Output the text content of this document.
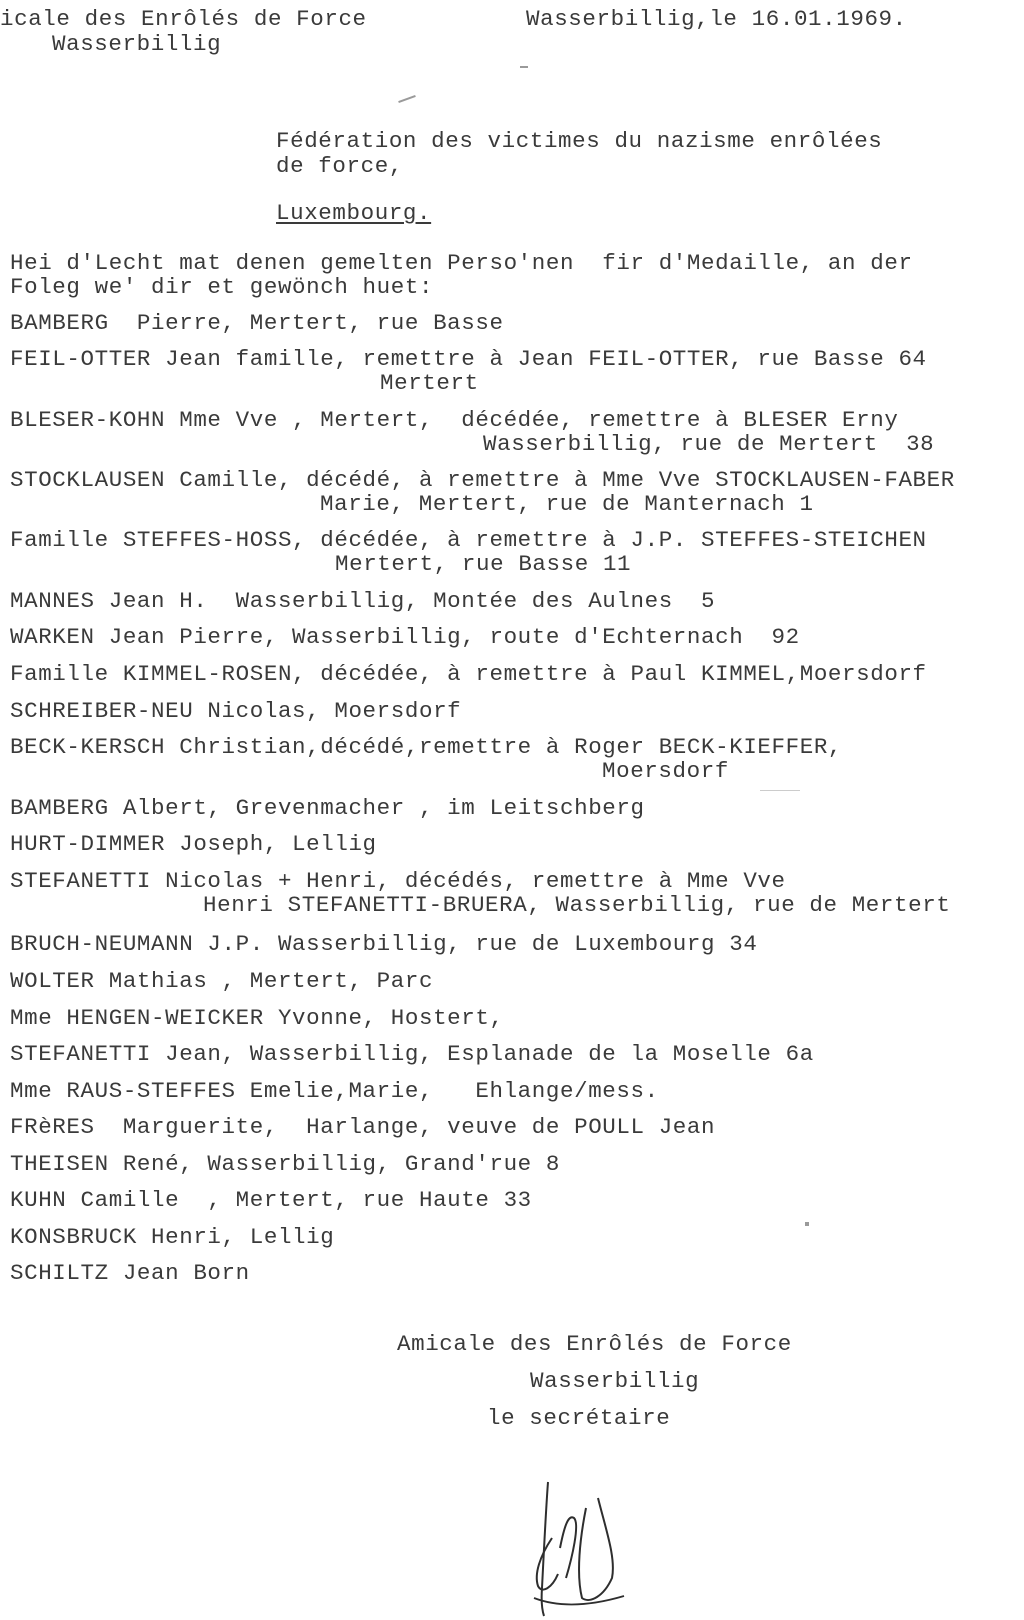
icale des Enrôlés de Force
Wasserbillig
Wasserbillig,le 16.01.1969.
Fédération des victimes du nazisme enrôlées
de force,
Luxembourg.
Hei d'Lecht mat denen gemelten Perso'nen  fir d'Medaille, an der
Foleg we' dir et gewönch huet:
BAMBERG  Pierre, Mertert, rue Basse
FEIL-OTTER Jean famille, remettre à Jean FEIL-OTTER, rue Basse 64
Mertert
BLESER-KOHN Mme Vve , Mertert,  décédée, remettre à BLESER Erny
Wasserbillig, rue de Mertert  38
STOCKLAUSEN Camille, décédé, à remettre à Mme Vve STOCKLAUSEN-FABER
Marie, Mertert, rue de Manternach 1
Famille STEFFES-HOSS, décédée, à remettre à J.P. STEFFES-STEICHEN
Mertert, rue Basse 11
MANNES Jean H.  Wasserbillig, Montée des Aulnes  5
WARKEN Jean Pierre, Wasserbillig, route d'Echternach  92
Famille KIMMEL-ROSEN, décédée, à remettre à Paul KIMMEL,Moersdorf
SCHREIBER-NEU Nicolas, Moersdorf
BECK-KERSCH Christian,décédé,remettre à Roger BECK-KIEFFER,
Moersdorf
BAMBERG Albert, Grevenmacher , im Leitschberg
HURT-DIMMER Joseph, Lellig
STEFANETTI Nicolas + Henri, décédés, remettre à Mme Vve
Henri STEFANETTI-BRUERA, Wasserbillig, rue de Mertert
BRUCH-NEUMANN J.P. Wasserbillig, rue de Luxembourg 34
WOLTER Mathias , Mertert, Parc
Mme HENGEN-WEICKER Yvonne, Hostert,
STEFANETTI Jean, Wasserbillig, Esplanade de la Moselle 6a
Mme RAUS-STEFFES Emelie,Marie,   Ehlange/mess.
FRèRES  Marguerite,  Harlange, veuve de POULL Jean
THEISEN René, Wasserbillig, Grand'rue 8
KUHN Camille  , Mertert, rue Haute 33
KONSBRUCK Henri, Lellig
SCHILTZ Jean Born
Amicale des Enrôlés de Force
Wasserbillig
le secrétaire
